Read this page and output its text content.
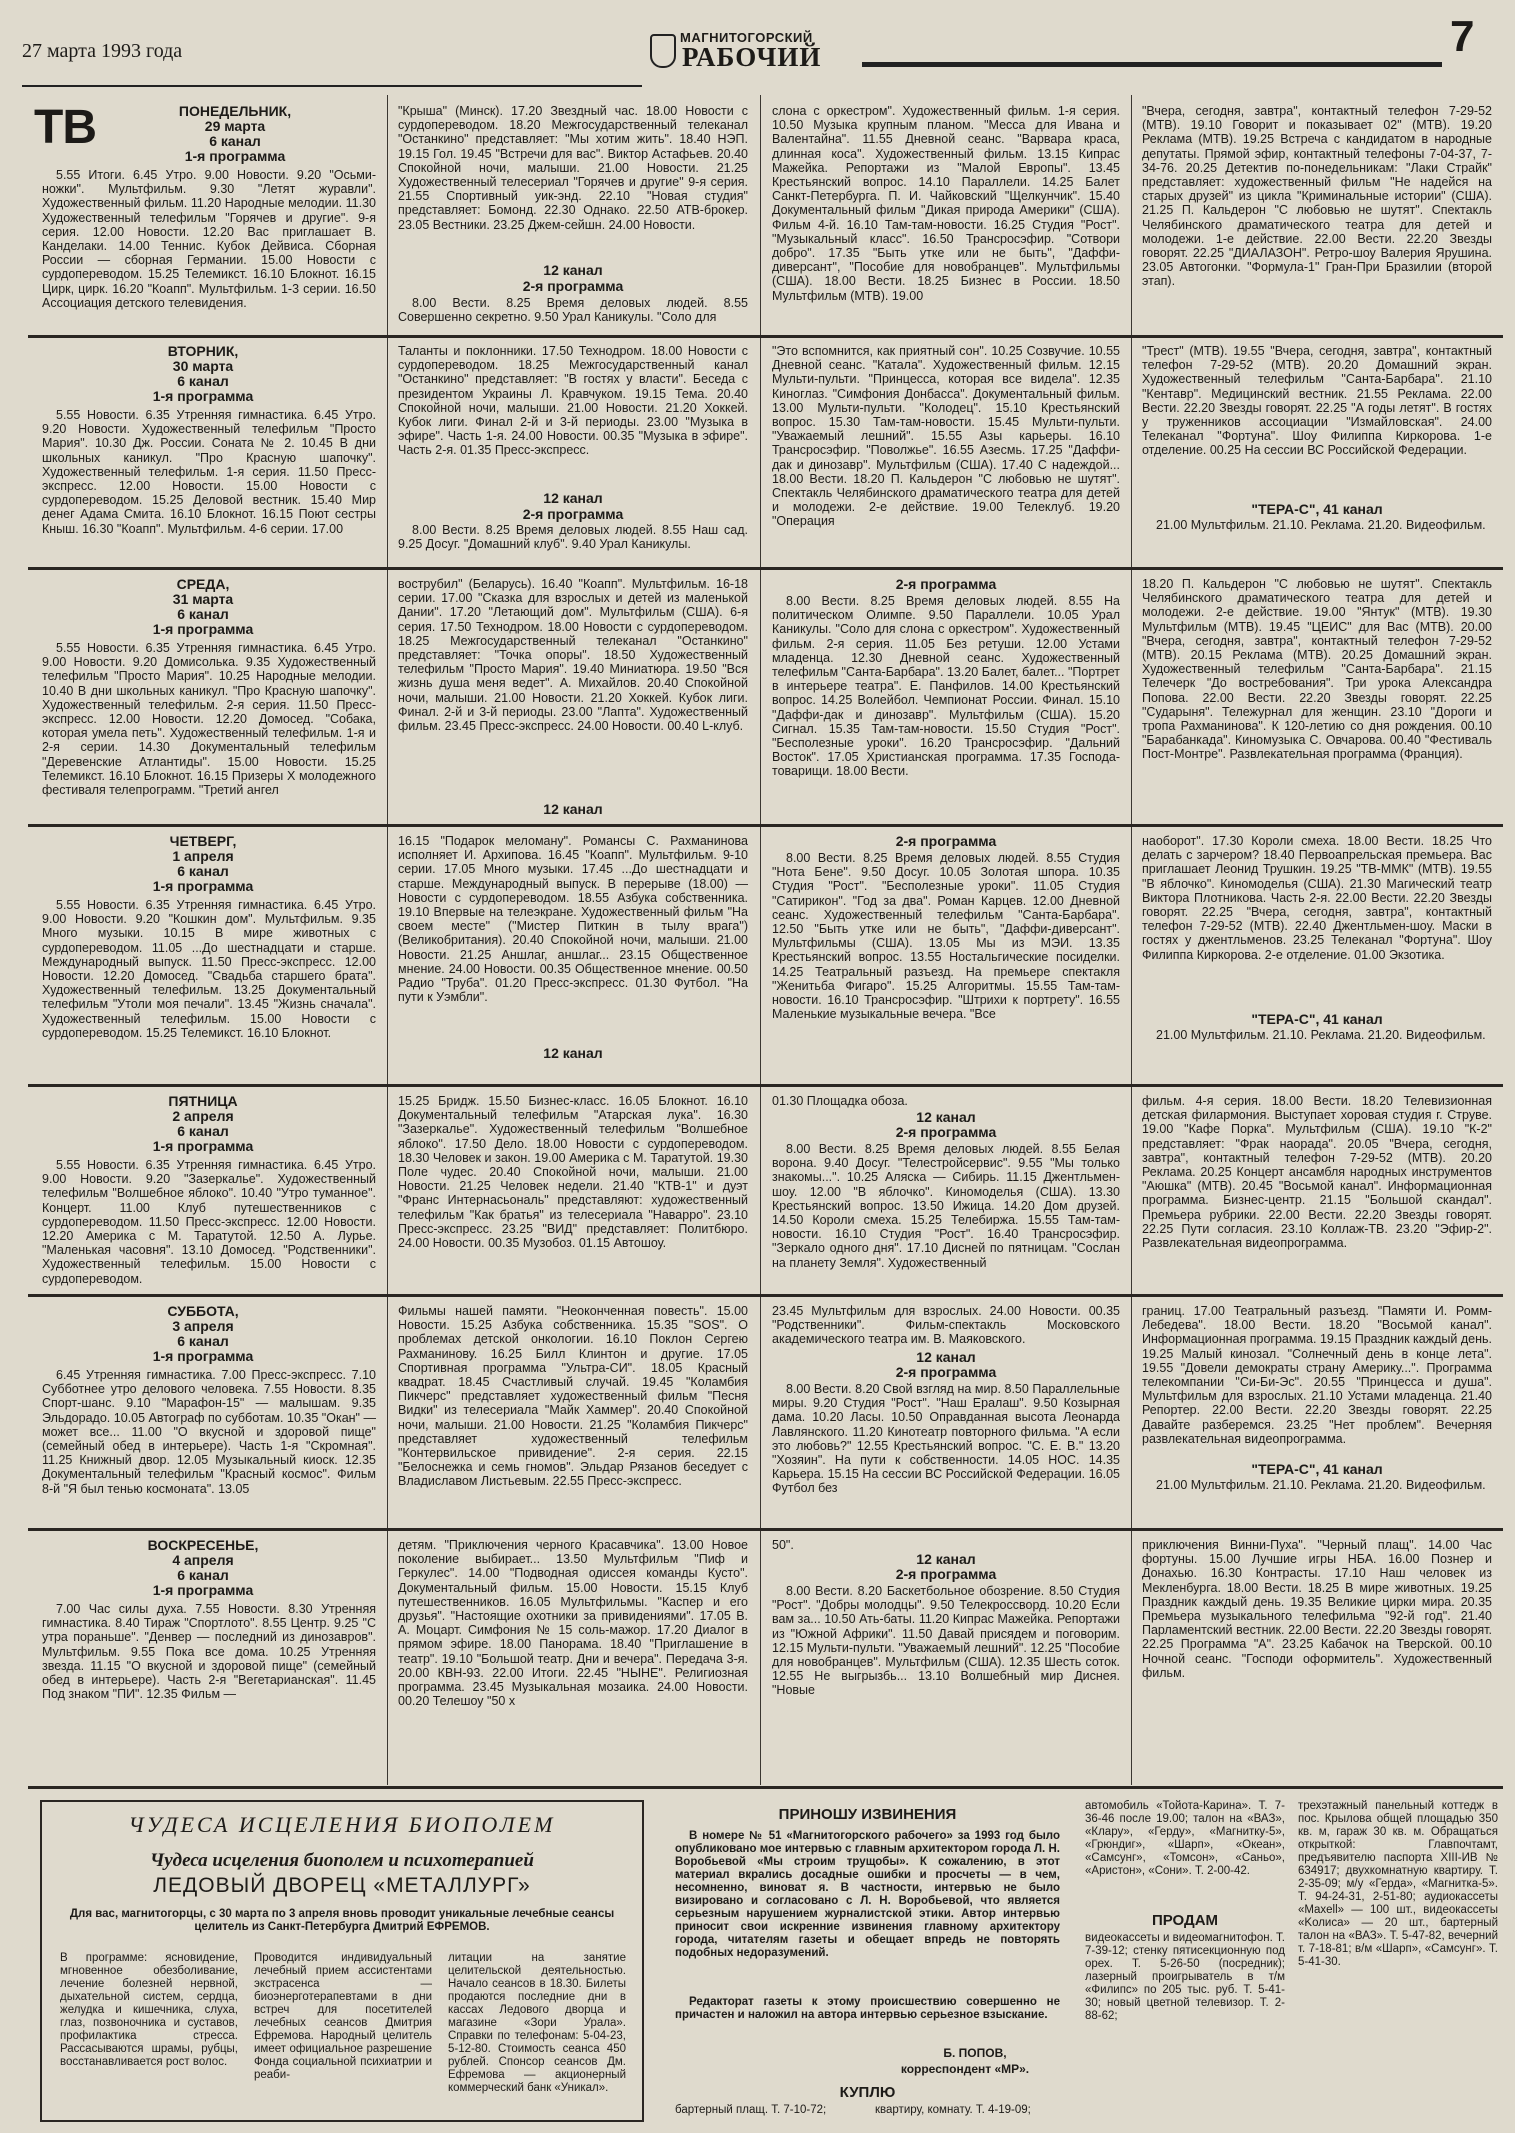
27 марта 1993 года
МАГНИТОГОРСКИЙ
РАБОЧИЙ	7
ТВ	ПОНЕДЕЛЬНИК,
29 марта
6 канал
1-я программа
5.55 Итоги. 6.45 Утро. 9.00 Новости. 9.20 "Осьми-ножки". Мультфильм. 9.30 "Летят журавли". Художественный фильм. 11.20 Народные мелодии. 11.30 Художественный телефильм "Горячев и другие". 9-я серия. 12.00 Новости. 12.20 Вас приглашает В. Канделаки. 14.00 Теннис. Кубок Дейвиса. Сборная России — сборная Германии. 15.00 Новости с сурдопереводом. 15.25 Телемикст. 16.10 Блокнот. 16.15 Цирк, цирк. 16.20 "Коапп". Мультфильм. 1-3 серии. 16.50 Ассоциация детского телевидения.
"Крыша" (Минск). 17.20 Звездный час. 18.00 Новости с сурдопереводом. 18.20 Межгосударственный телеканал "Останкино" представляет: "Мы хотим жить". 18.40 НЭП. 19.15 Гол. 19.45 "Встречи для вас". Виктор Астафьев. 20.40 Спокойной ночи, малыши. 21.00 Новости. 21.25 Художественный телесериал "Горячев и другие" 9-я серия. 21.55 Спортивный уик-энд. 22.10 "Новая студия" представляет: Бомонд. 22.30 Однако. 22.50 АТВ-брокер. 23.05 Вестники. 23.25 Джем-сейшн. 24.00 Новости.
12 канал
2-я программа
8.00 Вести. 8.25 Время деловых людей. 8.55 Совершенно секретно. 9.50 Урал Каникулы. "Соло для
слона с оркестром". Художественный фильм. 1-я серия. 10.50 Музыка крупным планом. "Месса для Ивана и Валентайна". 11.55 Дневной сеанс. "Варвара краса, длинная коса". Художественный фильм. 13.15 Кипрас Мажейка. Репортажи из "Малой Европы". 13.45 Крестьянский вопрос. 14.10 Параллели. 14.25 Балет Санкт-Петербурга. П. И. Чайковский "Щелкунчик". 15.40 Документальный фильм "Дикая природа Америки" (США). Фильм 4-й. 16.10 Там-там-новости. 16.25 Студия "Рост". "Музыкальный класс". 16.50 Трансросэфир. "Сотвори добро". 17.35 "Быть утке или не быть", "Даффи-диверсант", "Пособие для новобранцев". Мультфильмы (США). 18.00 Вести. 18.25 Бизнес в России. 18.50 Мультфильм (МТВ). 19.00
"Вчера, сегодня, завтра", контактный телефон 7-29-52 (МТВ). 19.10 Говорит и показывает 02" (МТВ). 19.20 Реклама (МТВ). 19.25 Встреча с кандидатом в народные депутаты. Прямой эфир, контактный телефоны 7-04-37, 7-34-76. 20.25 Детектив по-понедельникам: "Лаки Страйк" представляет: художественный фильм "Не надейся на старых друзей" из цикла "Криминальные истории" (США). 21.25 П. Кальдерон "С любовью не шутят". Спектакль Челябинского драматического театра для детей и молодежи. 1-е действие. 22.00 Вести. 22.20 Звезды говорят. 22.25 "ДИАЛАЗОН". Ретро-шоу Валерия Ярушина. 23.05 Автогонки. "Формула-1" Гран-При Бразилии (второй этап).
ВТОРНИК,
30 марта
6 канал
1-я программа
5.55 Новости. 6.35 Утренняя гимнастика. 6.45 Утро. 9.20 Новости. Художественный телефильм "Просто Мария". 10.30 Дж. России. Соната № 2. 10.45 В дни школьных каникул. "Про Красную шапочку". Художественный телефильм. 1-я серия. 11.50 Пресс-экспресс. 12.00 Новости. 15.00 Новости с сурдопереводом. 15.25 Деловой вестник. 15.40 Мир денег Адама Смита. 16.10 Блокнот. 16.15 Поют сестры Кныш. 16.30 "Коапп". Мультфильм. 4-6 серии. 17.00
Таланты и поклонники. 17.50 Технодром. 18.00 Новости с сурдопереводом. 18.25 Межгосударственный канал "Останкино" представляет: "В гостях у власти". Беседа с президентом Украины Л. Кравчуком. 19.15 Тема. 20.40 Спокойной ночи, малыши. 21.00 Новости. 21.20 Хоккей. Кубок лиги. Финал 2-й и 3-й периоды. 23.00 "Музыка в эфире". Часть 1-я. 24.00 Новости. 00.35 "Музыка в эфире". Часть 2-я. 01.35 Пресс-экспресс.
12 канал
2-я программа
8.00 Вести. 8.25 Время деловых людей. 8.55 Наш сад. 9.25 Досуг. "Домашний клуб". 9.40 Урал Каникулы.
"Это вспомнится, как приятный сон". 10.25 Созвучие. 10.55 Дневной сеанс. "Катала". Художественный фильм. 12.15 Мульти-пульти. "Принцесса, которая все видела". 12.35 Киноглаз. "Симфония Донбасса". Документальный фильм. 13.00 Мульти-пульти. "Колодец". 15.10 Крестьянский вопрос. 15.30 Там-там-новости. 15.45 Мульти-пульти. "Уважаемый лешний". 15.55 Азы карьеры. 16.10 Трансросэфир. "Поволжье". 16.55 Азесмь. 17.25 "Даффи-дак и динозавр". Мультфильм (США). 17.40 С надеждой... 18.00 Вести. 18.20 П. Кальдерон "С любовью не шутят". Спектакль Челябинского драматического театра для детей и молодежи. 2-е действие. 19.00 Телеклуб. 19.20 "Операция
"Трест" (МТВ). 19.55 "Вчера, сегодня, завтра", контактный телефон 7-29-52 (МТВ). 20.20 Домашний экран. Художественный телефильм "Санта-Барбара". 21.10 "Кентавр". Медицинский вестник. 21.55 Реклама. 22.00 Вести. 22.20 Звезды говорят. 22.25 "А годы летят". В гостях у труженников ассоциации "Измайловская". 24.00 Телеканал "Фортуна". Шоу Филиппа Киркорова. 1-е отделение. 00.25 На сессии ВС Российской Федерации.
"ТЕРА-С", 41 канал
21.00 Мультфильм. 21.10. Реклама. 21.20. Видеофильм.
СРЕДА,
31 марта
6 канал
1-я программа
5.55 Новости. 6.35 Утренняя гимнастика. 6.45 Утро. 9.00 Новости. 9.20 Домисолька. 9.35 Художественный телефильм "Просто Мария". 10.25 Народные мелодии. 10.40 В дни школьных каникул. "Про Красную шапочку". Художественный телефильм. 2-я серия. 11.50 Пресс-экспресс. 12.00 Новости. 12.20 Домосед. "Собака, которая умела петь". Художественный телефильм. 1-я и 2-я серии. 14.30 Документальный телефильм "Деревенские Атлантиды". 15.00 Новости. 15.25 Телемикст. 16.10 Блокнот. 16.15 Призеры X молодежного фестиваля телепрограмм. "Третий ангел
вострубил" (Беларусь). 16.40 "Коапп". Мультфильм. 16-18 серии. 17.00 "Сказка для взрослых и детей из маленькой Дании". 17.20 "Летающий дом". Мультфильм (США). 6-я серия. 17.50 Технодром. 18.00 Новости с сурдопереводом. 18.25 Межгосударственный телеканал "Останкино" представляет: "Точка опоры". 18.50 Художественный телефильм "Просто Мария". 19.40 Миниатюра. 19.50 "Вся жизнь душа меня ведет". А. Михайлов. 20.40 Спокойной ночи, малыши. 21.00 Новости. 21.20 Хоккей. Кубок лиги. Финал. 2-й и 3-й периоды. 23.00 "Лапта". Художественный фильм. 23.45 Пресс-экспресс. 24.00 Новости. 00.40 L-клуб.
12 канал
2-я программа
8.00 Вести. 8.25 Время деловых людей. 8.55 На политическом Олимпе. 9.50 Параллели. 10.05 Урал Каникулы. "Соло для слона с оркестром". Художественный фильм. 2-я серия. 11.05 Без ретуши. 12.00 Устами младенца. 12.30 Дневной сеанс. Художественный телефильм "Санта-Барбара". 13.20 Балет, балет... "Портрет в интерьере театра". Е. Панфилов. 14.00 Крестьянский вопрос. 14.25 Волейбол. Чемпионат России. Финал. 15.10 "Даффи-дак и динозавр". Мультфильм (США). 15.20 Сигнал. 15.35 Там-там-новости. 15.50 Студия "Рост". "Бесполезные уроки". 16.20 Трансросэфир. "Дальний Восток". 17.05 Христианская программа. 17.35 Господа-товарищи. 18.00 Вести.
18.20 П. Кальдерон "С любовью не шутят". Спектакль Челябинского драматического театра для детей и молодежи. 2-е действие. 19.00 "Янтук" (МТВ). 19.30 Мультфильм (МТВ). 19.45 "ЦЕИС" для Вас (МТВ). 20.00 "Вчера, сегодня, завтра", контактный телефон 7-29-52 (МТВ). 20.15 Реклама (МТВ). 20.25 Домашний экран. Художественный телефильм "Санта-Барбара". 21.15 Телечерк "До востребования". Три урока Александра Попова. 22.00 Вести. 22.20 Звезды говорят. 22.25 "Сударыня". Тележурнал для женщин. 23.10 "Дороги и тропа Рахманинова". К 120-летию со дня рождения. 00.10 "Барабанкада". Киномузыка С. Овчарова. 00.40 "Фестиваль Пост-Монтре". Развлекательная программа (Франция).
ЧЕТВЕРГ,
1 апреля
6 канал
1-я программа
5.55 Новости. 6.35 Утренняя гимнастика. 6.45 Утро. 9.00 Новости. 9.20 "Кошкин дом". Мультфильм. 9.35 Много музыки. 10.15 В мире животных с сурдопереводом. 11.05 ...До шестнадцати и старше. Международный выпуск. 11.50 Пресс-экспресс. 12.00 Новости. 12.20 Домосед. "Свадьба старшего брата". Художественный телефильм. 13.25 Документальный телефильм "Утоли моя печали". 13.45 "Жизнь сначала". Художественный телефильм. 15.00 Новости с сурдопереводом. 15.25 Телемикст. 16.10 Блокнот.
16.15 "Подарок меломану". Романсы С. Рахманинова исполняет И. Архипова. 16.45 "Коапп". Мультфильм. 9-10 серии. 17.05 Много музыки. 17.45 ...До шестнадцати и старше. Международный выпуск. В перерыве (18.00) — Новости с сурдопереводом. 18.55 Азбука собственника. 19.10 Впервые на телеэкране. Художественный фильм "На своем месте" ("Мистер Питкин в тылу врага") (Великобритания). 20.40 Спокойной ночи, малыши. 21.00 Новости. 21.25 Аншлаг, аншлаг... 23.15 Общественное мнение. 24.00 Новости. 00.35 Общественное мнение. 00.50 Радио "Труба". 01.20 Пресс-экспресс. 01.30 Футбол. "На пути к Уэмбли".
12 канал
2-я программа
8.00 Вести. 8.25 Время деловых людей. 8.55 Студия "Нота Бене". 9.50 Досуг. 10.05 Золотая шпора. 10.35 Студия "Рост". "Бесполезные уроки". 11.05 Студия "Сатирикон". "Год за два". Роман Карцев. 12.00 Дневной сеанс. Художественный телефильм "Санта-Барбара". 12.50 "Быть утке или не быть", "Даффи-диверсант". Мультфильмы (США). 13.05 Мы из МЭИ. 13.35 Крестьянский вопрос. 13.55 Ностальгические посиделки. 14.25 Театральный разъезд. На премьере спектакля "Женитьба Фигаро". 15.25 Алгоритмы. 15.55 Там-там-новости. 16.10 Трансросэфир. "Штрихи к портрету". 16.55 Маленькие музыкальные вечера. "Все
наоборот". 17.30 Короли смеха. 18.00 Вести. 18.25 Что делать с зарчером? 18.40 Первоапрельская премьера. Вас приглашает Леонид Трушкин. 19.25 "ТВ-ММК" (МТВ). 19.55 "В яблочко". Киномоделья (США). 21.30 Магический театр Виктора Плотникова. Часть 2-я. 22.00 Вести. 22.20 Звезды говорят. 22.25 "Вчера, сегодня, завтра", контактный телефон 7-29-52 (МТВ). 22.40 Джентльмен-шоу. Маски в гостях у джентльменов. 23.25 Телеканал "Фортуна". Шоу Филиппа Киркорова. 2-е отделение. 01.00 Экзотика.
"ТЕРА-С", 41 канал
21.00 Мультфильм. 21.10. Реклама. 21.20. Видеофильм.
ПЯТНИЦА
2 апреля
6 канал
1-я программа
5.55 Новости. 6.35 Утренняя гимнастика. 6.45 Утро. 9.00 Новости. 9.20 "Зазеркалье". Художественный телефильм "Волшебное яблоко". 10.40 "Утро туманное". Концерт. 11.00 Клуб путешественников с сурдопереводом. 11.50 Пресс-экспресс. 12.00 Новости. 12.20 Америка с М. Таратутой. 12.50 А. Лурье. "Маленькая часовня". 13.10 Домосед. "Родственники". Художественный телефильм. 15.00 Новости с сурдопереводом.
15.25 Бридж. 15.50 Бизнес-класс. 16.05 Блокнот. 16.10 Документальный телефильм "Атарская лука". 16.30 "Зазеркалье". Художественный телефильм "Волшебное яблоко". 17.50 Дело. 18.00 Новости с сурдопереводом. 18.30 Человек и закон. 19.00 Америка с М. Таратутой. 19.30 Поле чудес. 20.40 Спокойной ночи, малыши. 21.00 Новости. 21.25 Человек недели. 21.40 "КТВ-1" и дуэт "Франс Интернасьональ" представляют: художественный телефильм "Как братья" из телесериала "Наварро". 23.10 Пресс-экспресс. 23.25 "ВИД" представляет: Политбюро. 24.00 Новости. 00.35 Музобоз. 01.15 Автошоу.
01.30 Площадка обоза.
12 канал
2-я программа
8.00 Вести. 8.25 Время деловых людей. 8.55 Белая ворона. 9.40 Досуг. "Телестройсервис". 9.55 "Мы только знакомы...". 10.25 Аляска — Сибирь. 11.15 Джентльмен-шоу. 12.00 "В яблочко". Киномоделья (США). 13.30 Крестьянский вопрос. 13.50 Ижица. 14.20 Дом друзей. 14.50 Короли смеха. 15.25 Телебиржа. 15.55 Там-там-новости. 16.10 Студия "Рост". 16.40 Трансросэфир. "Зеркало одного дня". 17.10 Дисней по пятницам. "Сослан на планету Земля". Художественный
фильм. 4-я серия. 18.00 Вести. 18.20 Телевизионная детская филармония. Выступает хоровая студия г. Струве. 19.00 "Кафе Порка". Мультфильм (США). 19.10 "К-2" представляет: "Фрак наорада". 20.05 "Вчера, сегодня, завтра", контактный телефон 7-29-52 (МТВ). 20.20 Реклама. 20.25 Концерт ансамбля народных инструментов "Аюшка" (МТВ). 20.45 "Восьмой канал". Информационная программа. Бизнес-центр. 21.15 "Большой скандал". Премьера рубрики. 22.00 Вести. 22.20 Звезды говорят. 22.25 Пути согласия. 23.10 Коллаж-ТВ. 23.20 "Эфир-2". Развлекательная видеопрограмма.
СУББОТА,
3 апреля
6 канал
1-я программа
6.45 Утренняя гимнастика. 7.00 Пресс-экспресс. 7.10 Субботнее утро делового человека. 7.55 Новости. 8.35 Спорт-шанс. 9.10 "Марафон-15" — малышам. 9.35 Эльдорадо. 10.05 Автограф по субботам. 10.35 "Окан" — может все... 11.00 "О вкусной и здоровой пище" (семейный обед в интерьере). Часть 1-я "Скромная". 11.25 Книжный двор. 12.05 Музыкальный киоск. 12.35 Документальный телефильм "Красный космос". Фильм 8-й "Я был тенью космоната". 13.05
Фильмы нашей памяти. "Неоконченная повесть". 15.00 Новости. 15.25 Азбука собственника. 15.35 "SOS". О проблемах детской онкологии. 16.10 Поклон Сергею Рахманинову. 16.25 Билл Клинтон и другие. 17.05 Спортивная программа "Ультра-СИ". 18.05 Красный квадрат. 18.45 Счастливый случай. 19.45 "Коламбия Пикчерс" представляет художественный фильм "Песня Видки" из телесериала "Майк Хаммер". 20.40 Спокойной ночи, малыши. 21.00 Новости. 21.25 "Коламбия Пикчерс" представляет художественный телефильм "Контервильское привидение". 2-я серия. 22.15 "Белоснежка и семь гномов". Эльдар Рязанов беседует с Владиславом Листьевым. 22.55 Пресс-экспресс.
23.45 Мультфильм для взрослых. 24.00 Новости. 00.35 "Родственники". Фильм-спектакль Московского академического театра им. В. Маяковского.
12 канал
2-я программа
8.00 Вести. 8.20 Свой взгляд на мир. 8.50 Параллельные миры. 9.20 Студия "Рост". "Наш Ералаш". 9.50 Козырная дама. 10.20 Ласы. 10.50 Оправданная высота Леонарда Лавлянского. 11.20 Кинотеатр повторного фильма. "А если это любовь?" 12.55 Крестьянский вопрос. "С. Е. В." 13.20 "Хозяин". На пути к собственности. 14.05 НОС. 14.35 Карьера. 15.15 На сессии ВС Российской Федерации. 16.05 Футбол без
границ. 17.00 Театральный разъезд. "Памяти И. Ромм-Лебедева". 18.00 Вести. 18.20 "Восьмой канал". Информационная программа. 19.15 Праздник каждый день. 19.25 Малый кинозал. "Солнечный день в конце лета". 19.55 "Довели демократы страну Америку...". Программа телекомпании "Си-Би-Эс". 20.55 "Принцесса и душа". Мультфильм для взрослых. 21.10 Устами младенца. 21.40 Репортер. 22.00 Вести. 22.20 Звезды говорят. 22.25 Давайте разберемся. 23.25 "Нет проблем". Вечерняя развлекательная видеопрограмма.
"ТЕРА-С", 41 канал
21.00 Мультфильм. 21.10. Реклама. 21.20. Видеофильм.
ВОСКРЕСЕНЬЕ,
4 апреля
6 канал
1-я программа
7.00 Час силы духа. 7.55 Новости. 8.30 Утренняя гимнастика. 8.40 Тираж "Спортлото". 8.55 Центр. 9.25 "С утра пораньше". "Денвер — последний из динозавров". Мультфильм. 9.55 Пока все дома. 10.25 Утренняя звезда. 11.15 "О вкусной и здоровой пище" (семейный обед в интерьере). Часть 2-я "Вегетарианская". 11.45 Под знаком "ПИ". 12.35 Фильм —
детям. "Приключения черного Красавчика". 13.00 Новое поколение выбирает... 13.50 Мультфильм "Пиф и Геркулес". 14.00 "Подводная одиссея команды Кусто". Документальный фильм. 15.00 Новости. 15.15 Клуб путешественников. 16.05 Мультфильмы. "Каспер и его друзья". "Настоящие охотники за привидениями". 17.05 В. А. Моцарт. Симфония № 15 соль-мажор. 17.20 Диалог в прямом эфире. 18.00 Панорама. 18.40 "Приглашение в театр". 19.10 "Большой театр. Дни и вечера". Передача 3-я. 20.00 КВН-93. 22.00 Итоги. 22.45 "НЫНЕ". Религиозная программа. 23.45 Музыкальная мозаика. 24.00 Новости. 00.20 Телешоу "50 х
50".
12 канал
2-я программа
8.00 Вести. 8.20 Баскетбольное обозрение. 8.50 Студия "Рост". "Добры молодцы". 9.50 Телекроссворд. 10.20 Если вам за... 10.50 Ать-баты. 11.20 Кипрас Мажейка. Репортажи из "Южной Африки". 11.50 Давай присядем и поговорим. 12.15 Мульти-пульти. "Уважаемый лешний". 12.25 "Пособие для новобранцев". Мультфильм (США). 12.35 Шесть соток. 12.55 Не выгрызбь... 13.10 Волшебный мир Диснея. "Новые
приключения Винни-Пуха". "Черный плащ". 14.00 Час фортуны. 15.00 Лучшие игры НБА. 16.00 Познер и Донахью. 16.30 Контрасты. 17.10 Наш человек из Мекленбурга. 18.00 Вести. 18.25 В мире животных. 19.25 Праздник каждый день. 19.35 Великие цирки мира. 20.35 Премьера музыкального телефильма "92-й год". 21.40 Парламентский вестник. 22.00 Вести. 22.20 Звезды говорят. 22.25 Программа "А". 23.25 Кабачок на Тверской. 00.10 Ночной сеанс. "Господи оформитель". Художественный фильм.
ЧУДЕСА ИСЦЕЛЕНИЯ БИОПОЛЕМ
Чудеса исцеления биополем и психотерапией
ЛЕДОВЫЙ ДВОРЕЦ «МЕТАЛЛУРГ»
Для вас, магнитогорцы, с 30 марта по 3 апреля вновь проводит уникальные лечебные сеансы целитель из Санкт-Петербурга Дмитрий ЕФРЕМОВ.
В программе: ясновидение, мгновенное обезболивание, лечение болезней нервной, дыхательной систем, сердца, желудка и кишечника, слуха, глаз, позвоночника и суставов, профилактика стресса. Рассасываются шрамы, рубцы, восстанавливается рост волос.
Проводится индивидуальный лечебный прием ассистентами экстрасенса — биоэнерготерапевтами в дни встреч для посетителей лечебных сеансов Дмитрия Ефремова. Народный целитель имеет официальное разрешение Фонда социальной психиатрии и реаби-
литации на занятие целительской деятельностью. Начало сеансов в 18.30. Билеты продаются последние дни в кассах Ледового дворца и магазине «Зори Урала». Справки по телефонам: 5-04-23, 5-12-80. Стоимость сеанса 450 рублей. Спонсор сеансов Дм. Ефремова — акционерный коммерческий банк «Уникал».
ПРИНОШУ ИЗВИНЕНИЯ
В номере № 51 «Магнитогорского рабочего» за 1993 год было опубликовано мое интервью с главным архитектором города Л. Н. Воробьевой «Мы строим трущобы». К сожалению, в этот материал вкрались досадные ошибки и просчеты — в чем, несомненно, виноват я. В частности, интервью не было визировано и согласовано с Л. Н. Воробьевой, что является серьезным нарушением журналистской этики. Автор интервью приносит свои искренние извинения главному архитектору города, читателям газеты и обещает впредь не повторять подобных недоразумений.
Редакторат газеты к этому происшествию совершенно не причастен и наложил на автора интервью серьезное взыскание.
Б. ПОПОВ,
корреспондент «МР».
КУПЛЮ
бартерный плащ. Т. 7-10-72;	квартиру, комнату. Т. 4-19-09;
автомобиль «Тойота-Карина». Т. 7-36-46 после 19.00; талон на «ВАЗ», «Клару», «Герду», «Магнитку-5», «Грюндиг», «Шарп», «Океан», «Самсунг», «Томсон», «Саньо», «Аристон», «Сони». Т. 2-00-42.
ПРОДАМ
видеокассеты и видеомагнитофон. Т. 7-39-12; стенку пятисекционную под орех. Т. 5-26-50 (посредник); лазерный проигрыватель в т/м «Филипс» по 205 тыс. руб. Т. 5-41-30; новый цветной телевизор. Т. 2-88-62;
трехэтажный панельный коттедж в пос. Крылова общей площадью 350 кв. м, гараж 30 кв. м. Обращаться открыткой: Главпочтамт, предъявителю паспорта XIII-ИВ № 634917; двухкомнатную квартиру. Т. 2-35-09; м/у «Герда», «Магнитка-5». Т. 94-24-31, 2-51-80; аудиокассеты «Maxell» — 100 шт., видеокассеты «Kолиса» — 20 шт., бартерный талон на «ВАЗ». Т. 5-47-82, вечерний т. 7-18-81; в/м «Шарп», «Самсунг». Т. 5-41-30.
